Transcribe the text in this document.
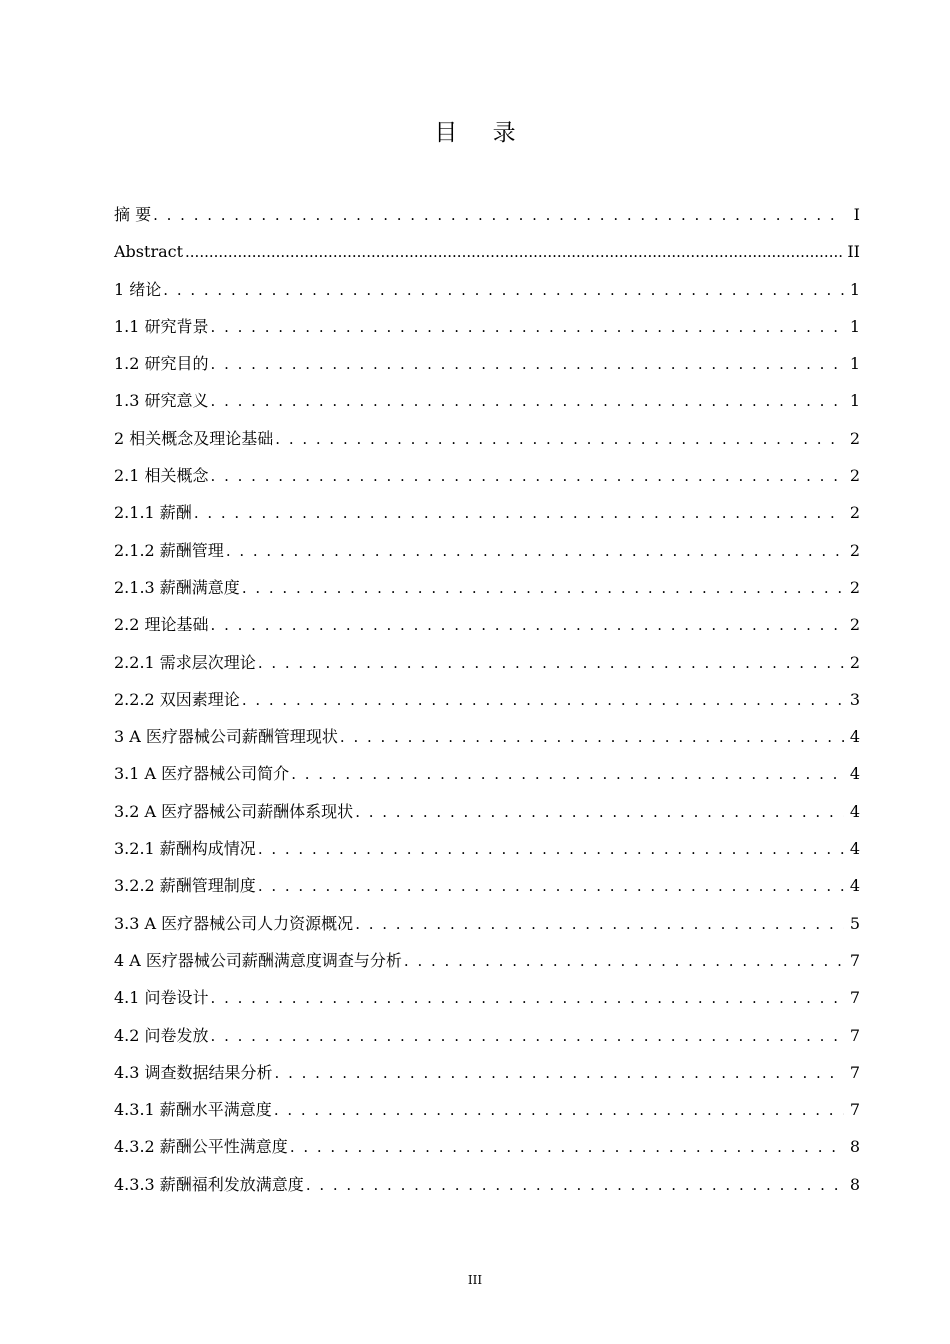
目 录
摘 要 . . .	I
Abstract .....	II
1 绪论 . . .	1
1.1 研究背景 . . .	1
1.2 研究目的 . . .	1
1.3 研究意义 . . .	1
2 相关概念及理论基础 . . .	2
2.1 相关概念 . . .	2
2.1.1 薪酬 . . .	2
2.1.2 薪酬管理 . . .	2
2.1.3 薪酬满意度 . . .	2
2.2 理论基础 . . .	2
2.2.1 需求层次理论 . . .	2
2.2.2 双因素理论 . . .	3
3 A 医疗器械公司薪酬管理现状 . . .	4
3.1 A 医疗器械公司简介 . . .	4
3.2 A 医疗器械公司薪酬体系现状 . . .	4
3.2.1 薪酬构成情况 . . .	4
3.2.2 薪酬管理制度 . . .	4
3.3 A 医疗器械公司人力资源概况 . . .	5
4 A 医疗器械公司薪酬满意度调查与分析 . . .	7
4.1 问卷设计 . . .	7
4.2 问卷发放 . . .	7
4.3 调查数据结果分析 . . .	7
4.3.1 薪酬水平满意度 . . .	7
4.3.2 薪酬公平性满意度 . . .	8
4.3.3 薪酬福利发放满意度 . . .	8
III
